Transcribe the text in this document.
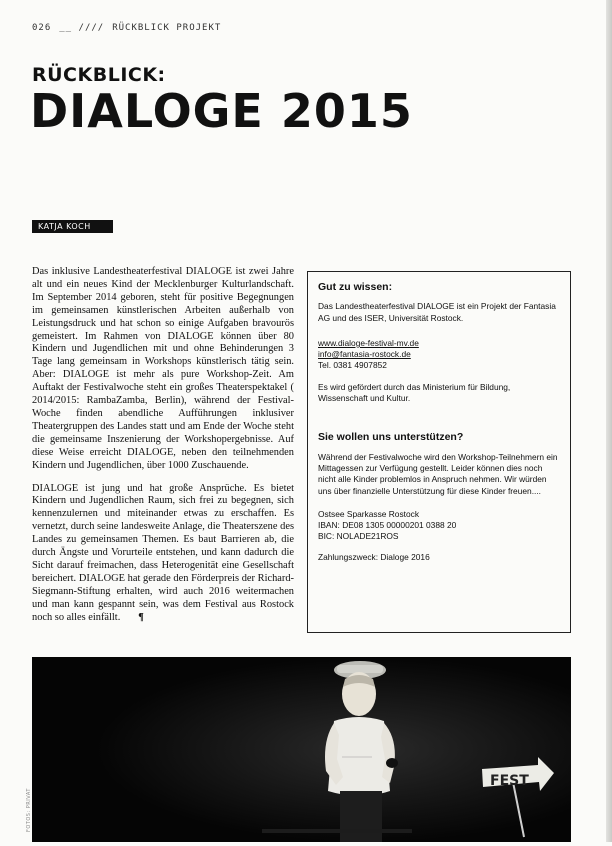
026 __ //// RÜCKBLICK PROJEKT
RÜCKBLICK:
DIALOGE 2015
KATJA KOCH

Das inklusive Landestheaterfestival DIALOGE ist zwei Jahre alt und ein neues Kind der Mecklenburger Kulturlandschaft. Im September 2014 geboren, steht für positive Begegnungen im gemeinsamen künstlerischen Arbeiten außerhalb von Leistungsdruck und hat schon so einige Aufgaben bravourös gemeistert. Im Rahmen von DIALOGE können über 80 Kindern und Jugendlichen mit und ohne Behinderungen 3 Tage lang gemeinsam in Workshops künstlerisch tätig sein. Aber: DIALOGE ist mehr als pure Workshop-Zeit. Am Auftakt der Festivalwoche steht ein großes Theaterspektakel ( 2014/2015: RambaZamba, Berlin), während der Festival-Woche finden abendliche Aufführungen inklusiver Theatergruppen des Landes statt und am Ende der Woche steht die gemeinsame Inszenierung der Workshopergebnisse. Auf diese Weise erreicht DIALOGE, neben den teilnehmenden Kindern und Jugendlichen, über 1000 Zuschauende.

DIALOGE ist jung und hat große Ansprüche. Es bietet Kindern und Jugendlichen Raum, sich frei zu begegnen, sich kennenzulernen und miteinander etwas zu erschaffen. Es vernetzt, durch seine landesweite Anlage, die Theaterszene des Landes zu gemeinsamen Themen. Es baut Barrieren ab, die durch Ängste und Vorurteile entstehen, und kann dadurch die Sicht darauf freimachen, dass Heterogenität eine Gesellschaft bereichert. DIALOGE hat gerade den Förderpreis der Richard-Siegmann-Stiftung erhalten, wird auch 2016 weitermachen und man kann gespannt sein, was dem Festival aus Rostock noch so alles einfällt. ¶

Gut zu wissen:

Das Landestheaterfestival DIALOGE ist ein Projekt der Fantasia AG und des ISER, Universität Rostock.

www.dialoge-festival-mv.de
info@fantasia-rostock.de
Tel. 0381 4907852

Es wird gefördert durch das Ministerium für Bildung, Wissenschaft und Kultur.

Sie wollen uns unterstützen?

Während der Festivalwoche wird den Workshop-Teilnehmern ein Mittagessen zur Verfügung gestellt. Leider können dies noch nicht alle Kinder problemlos in Anspruch nehmen. Wir würden uns über finanzielle Unterstützung für diese Kinder freuen....

Ostsee Sparkasse Rostock
IBAN: DE08 1305 00000201 0388 20
BIC: NOLADE21ROS
Zahlungszweck: Dialoge 2016
FEST
FOTOS: PRIVAT
